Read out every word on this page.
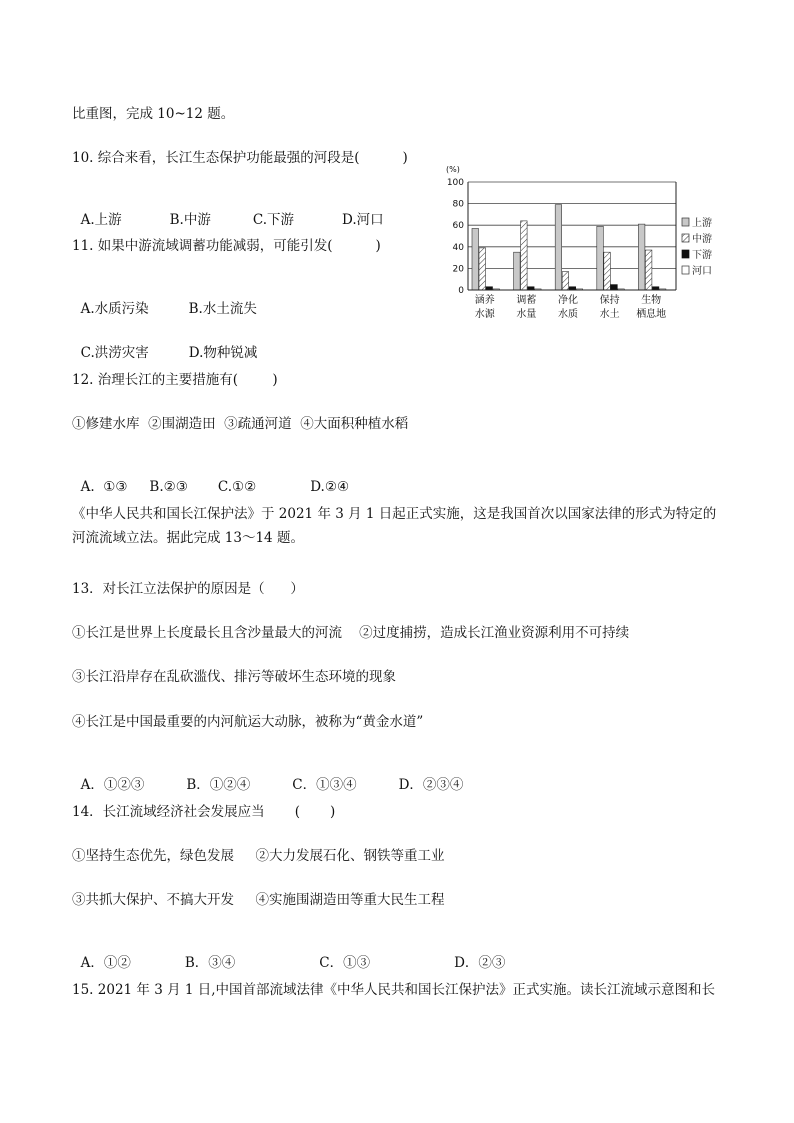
比重图，完成 10~12 题。
10. 综合来看，长江生态保护功能最强的河段是(          )

A.上游	B.中游	C.下游	D.河口

11. 如果中游流域调蓄功能减弱，可能引发(          )

A.水质污染	B.水土流失

C.洪涝灾害	D.物种锐减

12. 治理长江的主要措施有(        )
①修建水库  ②围湖造田  ③疏通河道  ④大面积种植水稻

A.  ①③ B.②③ C.①②	D.②④

《中华人民共和国长江保护法》于 2021 年 3 月 1 日起正式实施，这是我国首次以国家法律的形式为特定的河流流域立法。据此完成 13～14 题。
13．对长江立法保护的原因是（      ）
①长江是世界上长度最长且含沙量最大的河流    ②过度捕捞，造成长江渔业资源利用不可持续
③长江沿岸存在乱砍滥伐、排污等破坏生态环境的现象
④长江是中国最重要的内河航运大动脉，被称为“黄金水道”

A．①②③	B．①②④	C．①③④	D．②③④

14．长江流域经济社会发展应当       (       )
①坚持生态优先，绿色发展     ②大力发展石化、钢铁等重工业
③共抓大保护、不搞大开发     ④实施围湖造田等重大民生工程

A．①②	B．③④	C．①③	D．②③

15. 2021 年 3 月 1 日,中国首部流域法律《中华人民共和国长江保护法》正式实施。读长江流域示意图和长
(%)
0
20
40
60
80
100
涵养
水源
调蓄
水量
净化
水质
保持
水土
生物
栖息地
上游
中游
下游
河口
